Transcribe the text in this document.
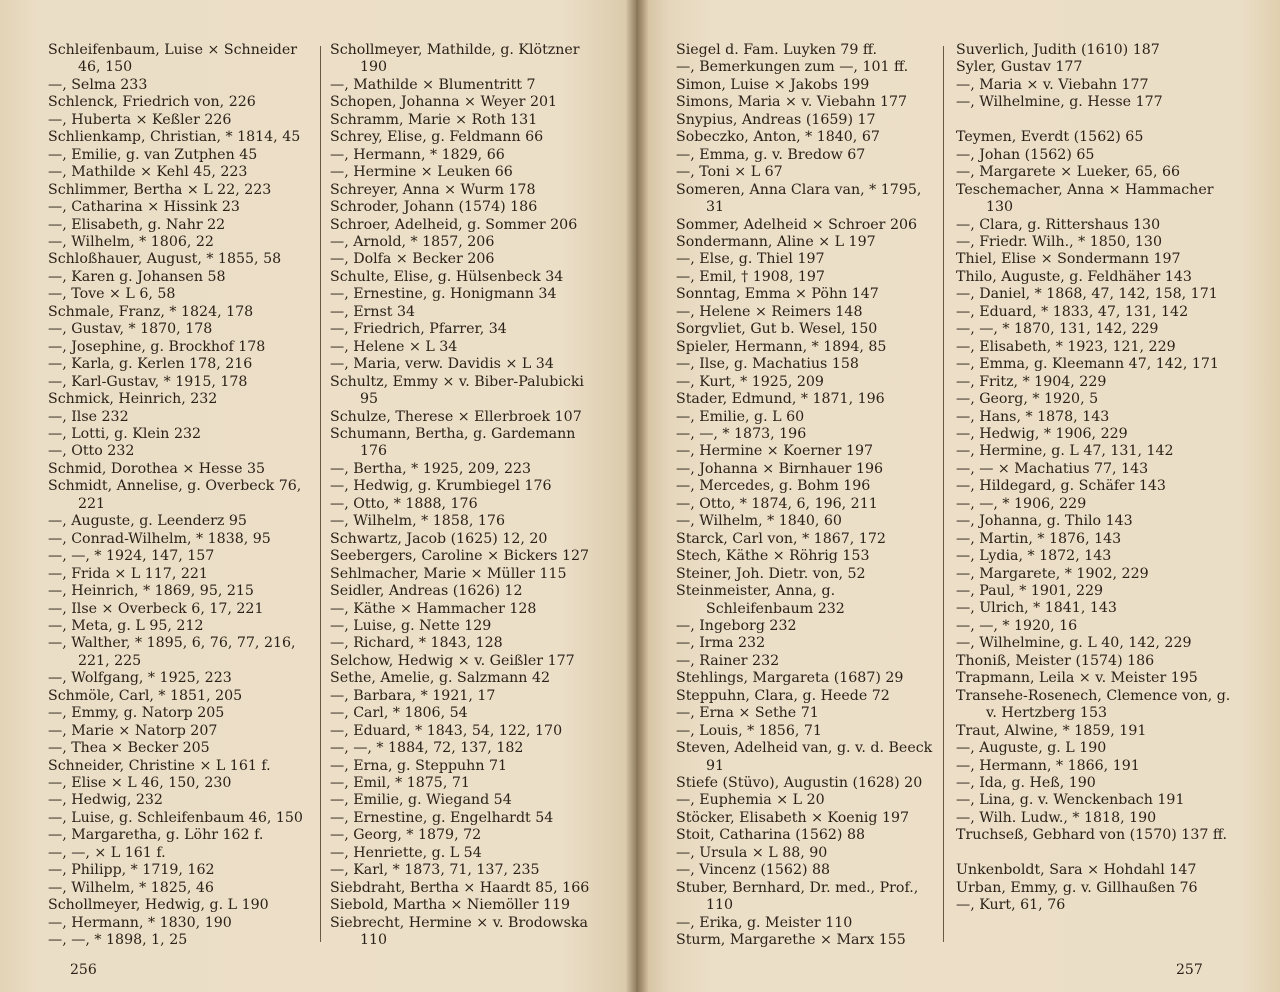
Schleifenbaum, Luise × Schneider 46, 150
—, Selma 233
Schlenck, Friedrich von, 226
—, Huberta × Keßler 226
Schlienkamp, Christian, * 1814, 45
—, Emilie, g. van Zutphen 45
—, Mathilde × Kehl 45, 223
Schlimmer, Bertha × L 22, 223
—, Catharina × Hissink 23
—, Elisabeth, g. Nahr 22
—, Wilhelm, * 1806, 22
Schloßhauer, August, * 1855, 58
—, Karen g. Johansen 58
—, Tove × L 6, 58
Schmale, Franz, * 1824, 178
—, Gustav, * 1870, 178
—, Josephine, g. Brockhof 178
—, Karla, g. Kerlen 178, 216
—, Karl-Gustav, * 1915, 178
Schmick, Heinrich, 232
—, Ilse 232
—, Lotti, g. Klein 232
—, Otto 232
Schmid, Dorothea × Hesse 35
Schmidt, Annelise, g. Overbeck 76, 221
—, Auguste, g. Leenderz 95
—, Conrad-Wilhelm, * 1838, 95
—, —, * 1924, 147, 157
—, Frida × L 117, 221
—, Heinrich, * 1869, 95, 215
—, Ilse × Overbeck 6, 17, 221
—, Meta, g. L 95, 212
—, Walther, * 1895, 6, 76, 77, 216, 221, 225
—, Wolfgang, * 1925, 223
Schmöle, Carl, * 1851, 205
—, Emmy, g. Natorp 205
—, Marie × Natorp 207
—, Thea × Becker 205
Schneider, Christine × L 161 f.
—, Elise × L 46, 150, 230
—, Hedwig, 232
—, Luise, g. Schleifenbaum 46, 150
—, Margaretha, g. Löhr 162 f.
—, —, × L 161 f.
—, Philipp, * 1719, 162
—, Wilhelm, * 1825, 46
Schollmeyer, Hedwig, g. L 190
—, Hermann, * 1830, 190
—, —, * 1898, 1, 25
Schollmeyer, Mathilde, g. Klötzner 190
—, Mathilde × Blumentritt 7
Schopen, Johanna × Weyer 201
Schramm, Marie × Roth 131
Schrey, Elise, g. Feldmann 66
—, Hermann, * 1829, 66
—, Hermine × Leuken 66
Schreyer, Anna × Wurm 178
Schroder, Johann (1574) 186
Schroer, Adelheid, g. Sommer 206
—, Arnold, * 1857, 206
—, Dolfa × Becker 206
Schulte, Elise, g. Hülsenbeck 34
—, Ernestine, g. Honigmann 34
—, Ernst 34
—, Friedrich, Pfarrer, 34
—, Helene × L 34
—, Maria, verw. Davidis × L 34
Schultz, Emmy × v. Biber-Palubicki 95
Schulze, Therese × Ellerbroek 107
Schumann, Bertha, g. Gardemann 176
—, Bertha, * 1925, 209, 223
—, Hedwig, g. Krumbiegel 176
—, Otto, * 1888, 176
—, Wilhelm, * 1858, 176
Schwartz, Jacob (1625) 12, 20
Seebergers, Caroline × Bickers 127
Sehlmacher, Marie × Müller 115
Seidler, Andreas (1626) 12
—, Käthe × Hammacher 128
—, Luise, g. Nette 129
—, Richard, * 1843, 128
Selchow, Hedwig × v. Geißler 177
Sethe, Amelie, g. Salzmann 42
—, Barbara, * 1921, 17
—, Carl, * 1806, 54
—, Eduard, * 1843, 54, 122, 170
—, —, * 1884, 72, 137, 182
—, Erna, g. Steppuhn 71
—, Emil, * 1875, 71
—, Emilie, g. Wiegand 54
—, Ernestine, g. Engelhardt 54
—, Georg, * 1879, 72
—, Henriette, g. L 54
—, Karl, * 1873, 71, 137, 235
Siebdraht, Bertha × Haardt 85, 166
Siebold, Martha × Niemöller 119
Siebrecht, Hermine × v. Brodowska 110
256
Siegel d. Fam. Luyken 79 ff.
—, Bemerkungen zum —, 101 ff.
Simon, Luise × Jakobs 199
Simons, Maria × v. Viebahn 177
Snypius, Andreas (1659) 17
Sobeczko, Anton, * 1840, 67
—, Emma, g. v. Bredow 67
—, Toni × L 67
Someren, Anna Clara van, * 1795, 31
Sommer, Adelheid × Schroer 206
Sondermann, Aline × L 197
—, Else, g. Thiel 197
—, Emil, † 1908, 197
Sonntag, Emma × Pöhn 147
—, Helene × Reimers 148
Sorgvliet, Gut b. Wesel, 150
Spieler, Hermann, * 1894, 85
—, Ilse, g. Machatius 158
—, Kurt, * 1925, 209
Stader, Edmund, * 1871, 196
—, Emilie, g. L 60
—, —, * 1873, 196
—, Hermine × Koerner 197
—, Johanna × Birnhauer 196
—, Mercedes, g. Bohm 196
—, Otto, * 1874, 6, 196, 211
—, Wilhelm, * 1840, 60
Starck, Carl von, * 1867, 172
Stech, Käthe × Röhrig 153
Steiner, Joh. Dietr. von, 52
Steinmeister, Anna, g. Schleifenbaum 232
—, Ingeborg 232
—, Irma 232
—, Rainer 232
Stehlings, Margareta (1687) 29
Steppuhn, Clara, g. Heede 72
—, Erna × Sethe 71
—, Louis, * 1856, 71
Steven, Adelheid van, g. v. d. Beeck 91
Stiefe (Stüvo), Augustin (1628) 20
—, Euphemia × L 20
Stöcker, Elisabeth × Koenig 197
Stoit, Catharina (1562) 88
—, Ursula × L 88, 90
—, Vincenz (1562) 88
Stuber, Bernhard, Dr. med., Prof., 110
—, Erika, g. Meister 110
Sturm, Margarethe × Marx 155
Suverlich, Judith (1610) 187
Syler, Gustav 177
—, Maria × v. Viebahn 177
—, Wilhelmine, g. Hesse 177
Teymen, Everdt (1562) 65
—, Johan (1562) 65
—, Margarete × Lueker, 65, 66
Teschemacher, Anna × Hammacher 130
—, Clara, g. Rittershaus 130
—, Friedr. Wilh., * 1850, 130
Thiel, Elise × Sondermann 197
Thilo, Auguste, g. Feldhäher 143
—, Daniel, * 1868, 47, 142, 158, 171
—, Eduard, * 1833, 47, 131, 142
—, —, * 1870, 131, 142, 229
—, Elisabeth, * 1923, 121, 229
—, Emma, g. Kleemann 47, 142, 171
—, Fritz, * 1904, 229
—, Georg, * 1920, 5
—, Hans, * 1878, 143
—, Hedwig, * 1906, 229
—, Hermine, g. L 47, 131, 142
—, — × Machatius 77, 143
—, Hildegard, g. Schäfer 143
—, —, * 1906, 229
—, Johanna, g. Thilo 143
—, Martin, * 1876, 143
—, Lydia, * 1872, 143
—, Margarete, * 1902, 229
—, Paul, * 1901, 229
—, Ulrich, * 1841, 143
—, —, * 1920, 16
—, Wilhelmine, g. L 40, 142, 229
Thoniß, Meister (1574) 186
Trapmann, Leila × v. Meister 195
Transehe-Rosenech, Clemence von, g. v. Hertzberg 153
Traut, Alwine, * 1859, 191
—, Auguste, g. L 190
—, Hermann, * 1866, 191
—, Ida, g. Heß, 190
—, Lina, g. v. Wenckenbach 191
—, Wilh. Ludw., * 1818, 190
Truchseß, Gebhard von (1570) 137 ff.
Unkenboldt, Sara × Hohdahl 147
Urban, Emmy, g. v. Gillhaußen 76
—, Kurt, 61, 76
257
